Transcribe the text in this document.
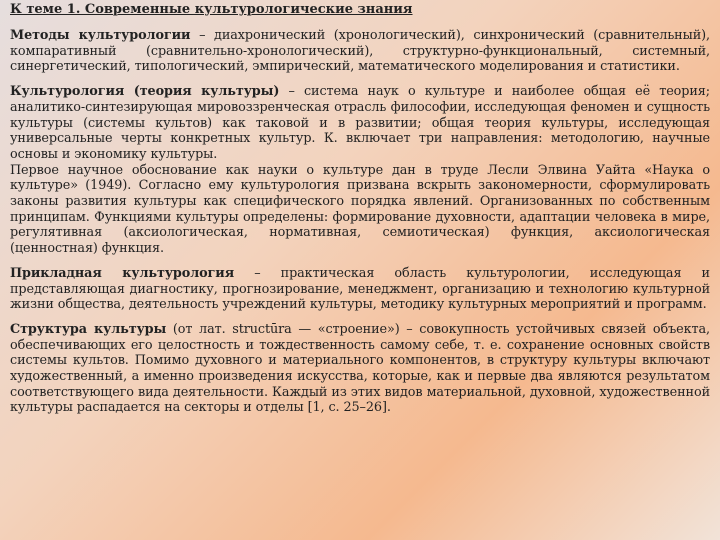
К теме 1. Современные культурологические знания

Методы культурологии – диахронический (хронологический), синхронический (сравнительный), компаративный (сравнительно-хронологический), структурно-функциональный, системный, синергетический, типологический, эмпирический, математического моделирования и статистики.

Культурология (теория культуры) – система наук о культуре и наиболее общая её теория; аналитико-синтезирующая мировоззренческая отрасль философии, исследующая феномен и сущность культуры (системы культов) как таковой и в развитии; общая теория культуры, исследующая универсальные черты конкретных культур. К. включает три направления: методологию, научные основы и экономику культуры.
Первое научное обоснование как науки о культуре дан в труде Лесли Элвина Уайта «Наука о культуре» (1949). Согласно ему культурология призвана вскрыть закономерности, сформулировать законы развития культуры как специфического порядка явлений. Организованных по собственным принципам. Функциями культуры определены: формирование духовности, адаптации человека в мире, регулятивная (аксиологическая, нормативная, семиотическая) функция, аксиологическая (ценностная) функция.

Прикладная культурология – практическая область культурологии, исследующая и представляющая диагностику, прогнозирование, менеджмент, организацию и технологию культурной жизни общества, деятельность учреждений культуры, методику культурных мероприятий и программ.

Структура культуры (от лат. structūra — «строение») – совокупность устойчивых связей объекта, обеспечивающих его целостность и тождественность самому себе, т. е. сохранение основных свойств системы культов. Помимо духовного и материального компонентов, в структуру культуры включают художественный, а именно произведения искусства, которые, как и первые два являются результатом соответствующего вида деятельности. Каждый из этих видов материальной, духовной, художественной культуры распадается на секторы и отделы [1, с. 25–26].
